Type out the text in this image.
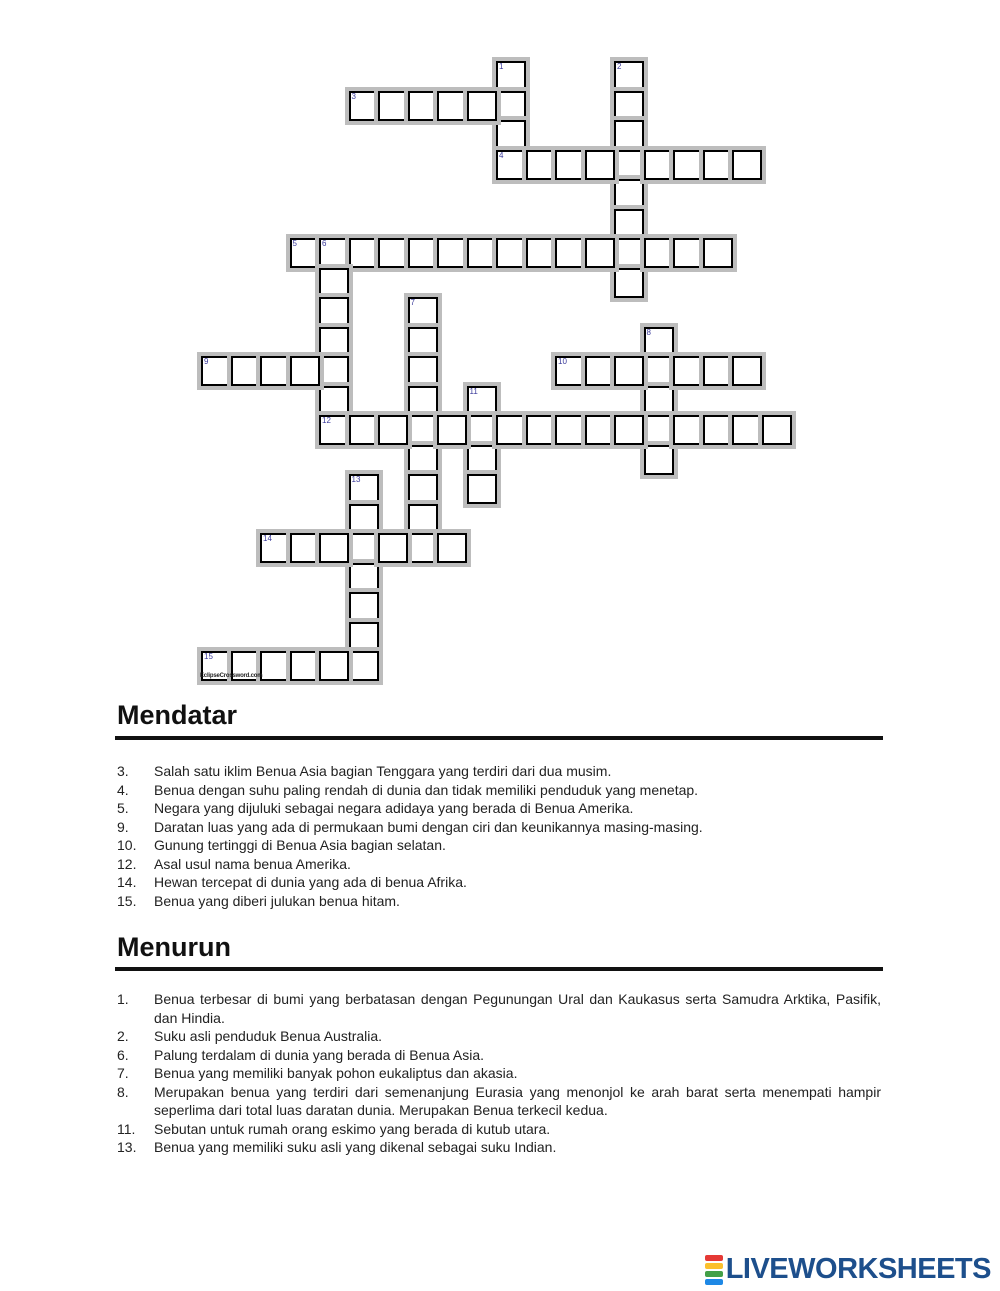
1	2
3
4
5	6
7
8
9	10
11
12
13
14
15
EclipseCrossword.com
Mendatar
3.	Salah satu iklim Benua Asia bagian Tenggara yang terdiri dari dua musim.
4.	Benua dengan suhu paling rendah di dunia dan tidak memiliki penduduk yang menetap.
5.	Negara yang dijuluki sebagai negara adidaya yang berada di Benua Amerika.
9.	Daratan luas yang ada di permukaan bumi dengan ciri dan keunikannya masing-masing.
10.	Gunung tertinggi di Benua Asia bagian selatan.
12.	Asal usul nama benua Amerika.
14.	Hewan tercepat di dunia yang ada di benua Afrika.
15.	Benua yang diberi julukan benua hitam.
Menurun
1.	Benua terbesar di bumi yang berbatasan dengan Pegunungan Ural dan Kaukasus serta Samudra Arktika, Pasifik, dan Hindia.
2.	Suku asli penduduk Benua Australia.
6.	Palung terdalam di dunia yang berada di Benua Asia.
7.	Benua yang memiliki banyak pohon eukaliptus dan akasia.
8.	Merupakan benua yang terdiri dari semenanjung Eurasia yang menonjol ke arah barat serta menempati hampir seperlima dari total luas daratan dunia. Merupakan Benua terkecil kedua.
11.	Sebutan untuk rumah orang eskimo yang berada di kutub utara.
13.	Benua yang memiliki suku asli yang dikenal sebagai suku Indian.
LIVEWORKSHEETS
